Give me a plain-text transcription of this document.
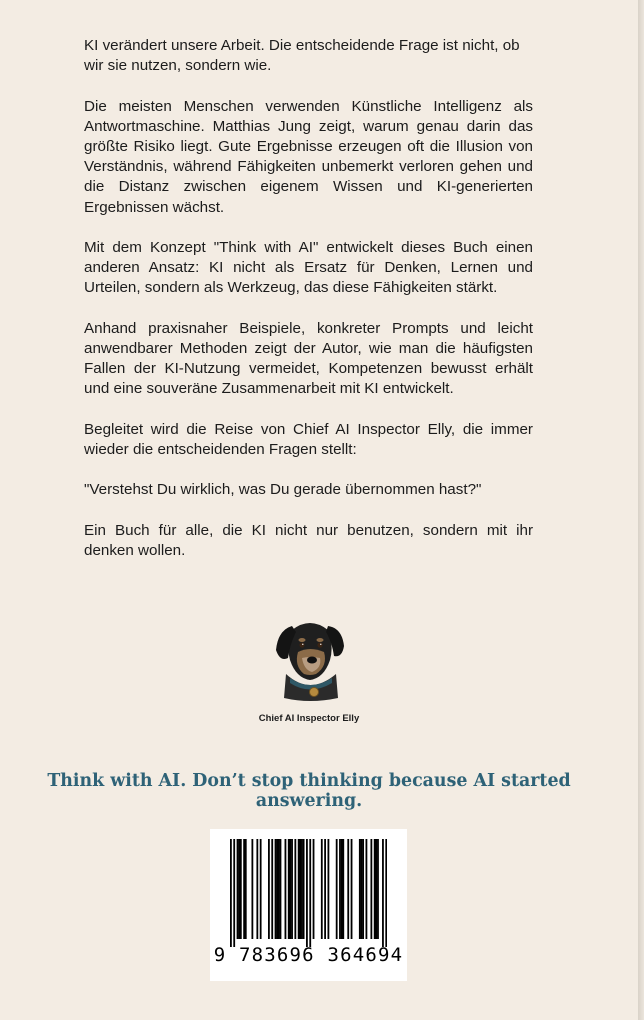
KI verändert unsere Arbeit. Die entscheidende Frage ist nicht, ob wir sie nutzen, sondern wie.

Die meisten Menschen verwenden Künstliche Intelligenz als Antwortmaschine. Matthias Jung zeigt, warum genau darin das größte Risiko liegt. Gute Ergebnisse erzeugen oft die Illusion von Verständnis, während Fähigkeiten unbemerkt verloren gehen und die Distanz zwischen eigenem Wissen und KI-generierten Ergebnissen wächst.

Mit dem Konzept "Think with AI" entwickelt dieses Buch einen anderen Ansatz: KI nicht als Ersatz für Denken, Lernen und Urteilen, sondern als Werkzeug, das diese Fähigkeiten stärkt.

Anhand praxisnaher Beispiele, konkreter Prompts und leicht anwendbarer Methoden zeigt der Autor, wie man die häufigsten Fallen der KI-Nutzung vermeidet, Kompetenzen bewusst erhält und eine souveräne Zusammenarbeit mit KI entwickelt.

Begleitet wird die Reise von Chief AI Inspector Elly, die immer wieder die entscheidenden Fragen stellt:

"Verstehst Du wirklich, was Du gerade übernommen hast?"

Ein Buch für alle, die KI nicht nur benutzen, sondern mit ihr denken wollen.

Chief AI Inspector Elly
Think with AI. Don’t stop thinking because AI started answering.
9 783696 364694
